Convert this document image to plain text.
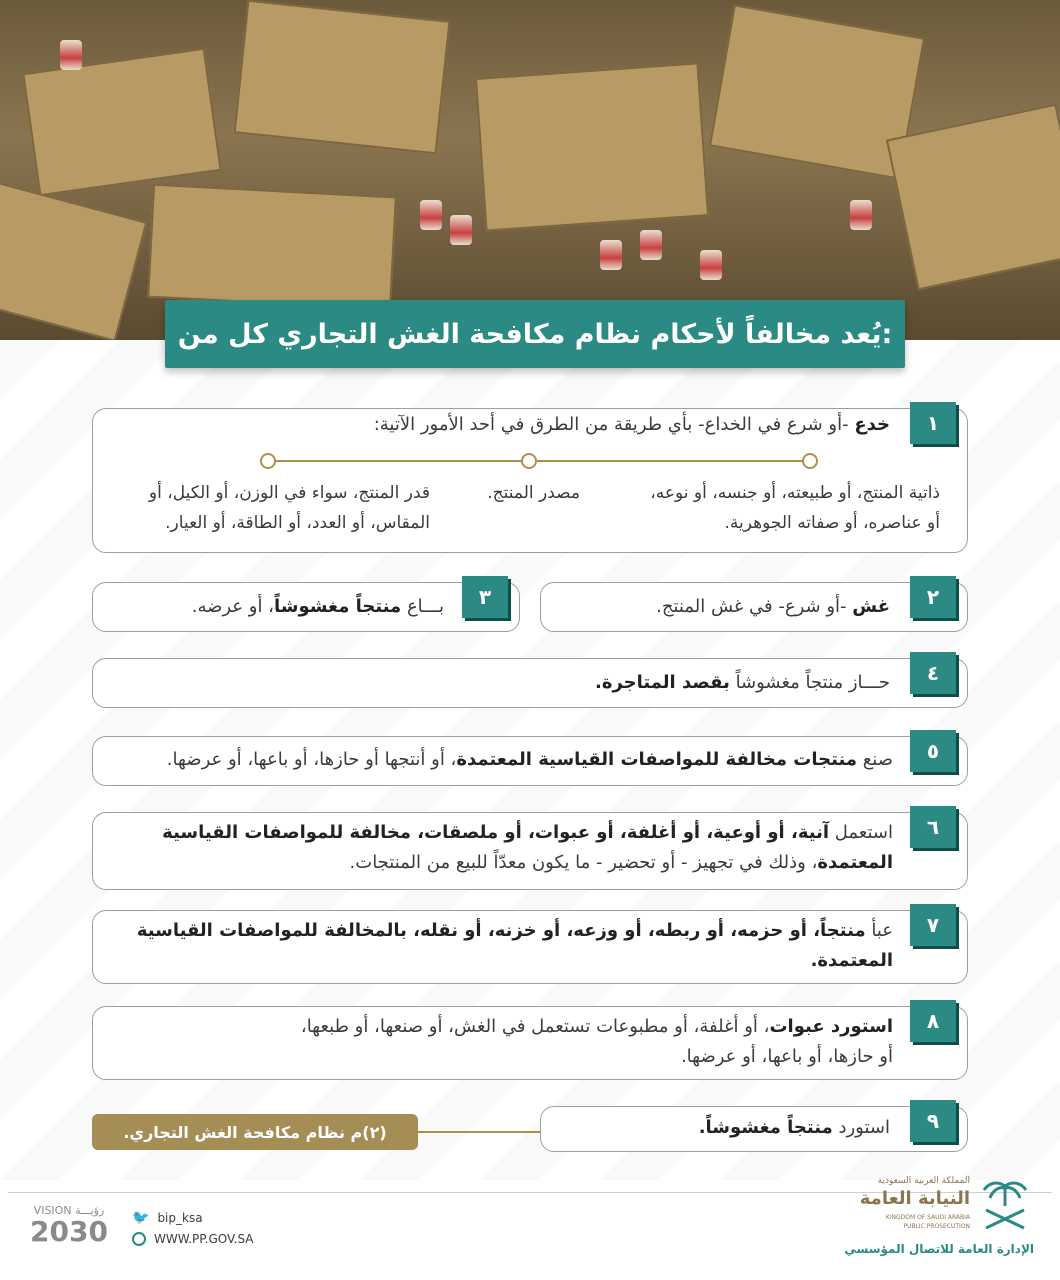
يُعد مخالفاً لأحكام نظام مكافحة الغش التجاري كل من:
١
خدع -أو شرع في الخداع- بأي طريقة من الطرق في أحد الأمور الآتية:
ذاتية المنتج، أو طبيعته، أو جنسه، أو نوعه،
أو عناصره، أو صفاته الجوهرية.
مصدر المنتج.
قدر المنتج، سواء في الوزن، أو الكيل، أو
المقاس، أو العدد، أو الطاقة، أو العيار.
٢
غش -أو شرع- في غش المنتج.
٣
بـــاع منتجاً مغشوشاً، أو عرضه.
٤
حـــاز منتجاً مغشوشاً بقصد المتاجرة.
٥
صنع منتجات مخالفة للمواصفات القياسية المعتمدة، أو أنتجها أو حازها، أو باعها، أو عرضها.
٦
استعمل آنية، أو أوعية، أو أغلفة، أو عبوات، أو ملصقات، مخالفة للمواصفات القياسية
المعتمدة، وذلك في تجهيز - أو تحضير - ما يكون معدّاً للبيع من المنتجات.
٧
عبأ منتجاً، أو حزمه، أو ربطه، أو وزعه، أو خزنه، أو نقله، بالمخالفة للمواصفات القياسية
المعتمدة.
٨
استورد عبوات، أو أغلفة، أو مطبوعات تستعمل في الغش، أو صنعها، أو طبعها،
أو حازها، أو باعها، أو عرضها.
٩
استورد منتجاً مغشوشاً.
(٢)م نظام مكافحة الغش التجاري.
VISION رؤيـــة
2030	🐦 bip_ksa
WWW.PP.GOV.SA
المملكة العربية السعودية
النيابة العامة
KINGDOM OF SAUDI ARABIA
PUBLIC PROSECUTION
الإدارة العامة للاتصال المؤسسي
